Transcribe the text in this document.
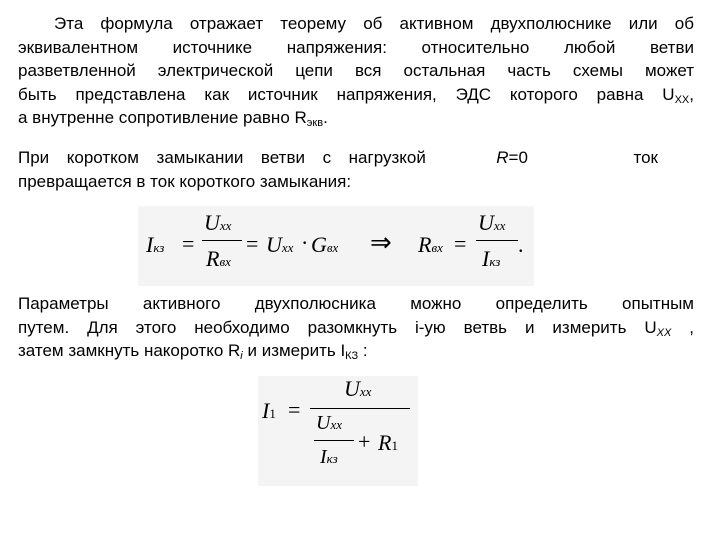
Эта формула отражает теорему об активном двухполюснике или об
эквивалентном источнике напряжения: относительно любой ветви
разветвленной электрической цепи вся остальная часть схемы может
быть представлена как источник напряжения, ЭДС которого равна $U_{XX}$,
а внутренне сопротивление равно $R_{экв}$.
При коротком замыкании ветви с нагрузкой	R=0	ток
превращается в ток короткого замыкания:
Iкз =
Uxx
Rвх
= Uxx · Gвх ⇒ Rвх =
Uxx
Iкз
.
Параметры активного двухполюсника можно определить опытным
путем. Для этого необходимо разомкнуть i-ую ветвь и измерить $U_{XX}$ ,
затем замкнуть накоротко $R_i$ и измерить $I_{КЗ}$ :
I1 =
Uxx
Uxx
Iкз
+ R1
